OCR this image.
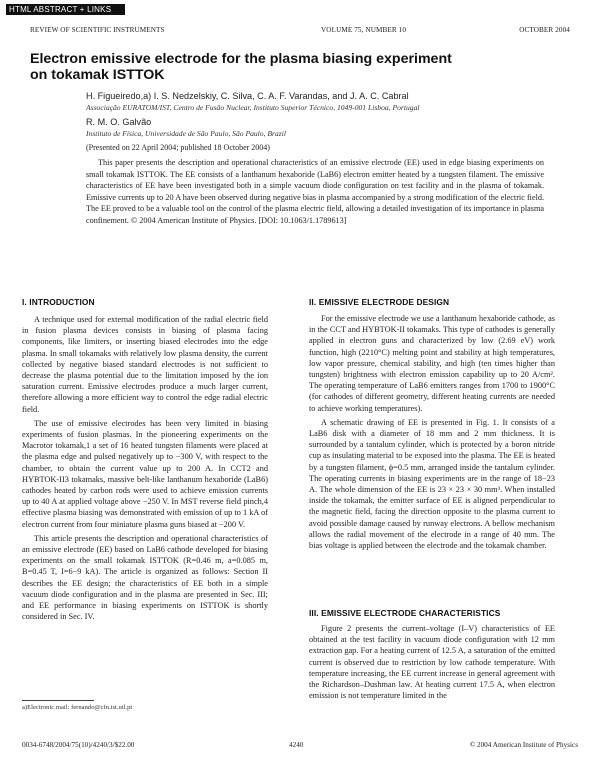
HTML ABSTRACT + LINKS
REVIEW OF SCIENTIFIC INSTRUMENTS	VOLUME 75, NUMBER 10	OCTOBER 2004
Electron emissive electrode for the plasma biasing experiment
on tokamak ISTTOK
H. Figueiredo,a) I. S. Nedzelskiy, C. Silva, C. A. F. Varandas, and J. A. C. Cabral
Associação EURATOM/IST, Centro de Fusão Nuclear, Instituto Superior Técnico, 1049-001 Lisboa, Portugal
R. M. O. Galvão
Instituto de Física, Universidade de São Paulo, São Paulo, Brazil
(Presented on 22 April 2004; published 18 October 2004)

This paper presents the description and operational characteristics of an emissive electrode (EE) used in edge biasing experiments on small tokamak ISTTOK. The EE consists of a lanthanum hexaboride (LaB6) electron emitter heated by a tungsten filament. The emissive characteristics of EE have been investigated both in a simple vacuum diode configuration on test facility and in the plasma of tokamak. Emissive currents up to 20 A have been observed during negative bias in plasma accompanied by a strong modification of the electric field. The EE proved to be a valuable tool on the control of the plasma electric field, allowing a detailed investigation of its importance in plasma confinement. © 2004 American Institute of Physics. [DOI: 10.1063/1.1789613]

I. INTRODUCTION

A technique used for external modification of the radial electric field in fusion plasma devices consists in biasing of plasma facing components, like limiters, or inserting biased electrodes into the edge plasma. In small tokamaks with relatively low plasma density, the current collected by negative biased standard electrodes is not sufficient to decrease the plasma potential due to the limitation imposed by the ion saturation current. Emissive electrodes produce a much larger current, therefore allowing a more efficient way to control the edge radial electric field.

The use of emissive electrodes has been very limited in biasing experiments of fusion plasmas. In the pioneering experiments on the Macrotor tokamak,1 a set of 16 heated tungsten filaments were placed at the plasma edge and pulsed negatively up to −300 V, with respect to the chamber, to obtain the current value up to 200 A. In CCT2 and HYBTOK-II3 tokamaks, massive belt-like lanthanum hexaboride (LaB6) cathodes heated by carbon rods were used to achieve emission currents up to 40 A at applied voltage above −250 V. In MST reverse field pinch,4 effective plasma biasing was demonstrated with emission of up to 1 kA of electron current from four miniature plasma guns biased at −200 V.

This article presents the description and operational characteristics of an emissive electrode (EE) based on LaB6 cathode developed for biasing experiments on the small tokamak ISTTOK (R=0.46 m, a=0.085 m, B=0.45 T, I=6−9 kA). The article is organized as follows: Section II describes the EE design; the characteristics of EE both in a simple vacuum diode configuration and in the plasma are presented in Sec. III; and EE performance in biasing experiments on ISTTOK is shortly considered in Sec. IV.

II. EMISSIVE ELECTRODE DESIGN

For the emissive electrode we use a lanthanum hexaboride cathode, as in the CCT and HYBTOK-II tokamaks. This type of cathodes is generally applied in electron guns and characterized by low (2.69 eV) work function, high (2210°C) melting point and stability at high temperatures, low vapor pressure, chemical stability, and high (ten times higher than tungsten) brightness with electron emission capability up to 20 A/cm². The operating temperature of LaB6 emitters ranges from 1700 to 1900°C (for cathodes of different geometry, different heating currents are needed to achieve working temperatures).

A schematic drawing of EE is presented in Fig. 1. It consists of a LaB6 disk with a diameter of 18 mm and 2 mm thickness. It is surrounded by a tantalum cylinder, which is protected by a boron nitride cup as insulating material to be exposed into the plasma. The EE is heated by a tungsten filament, ϕ=0.5 mm, arranged inside the tantalum cylinder. The operating currents in biasing experiments are in the range of 18−23 A. The whole dimension of the EE is 23 × 23 × 30 mm³. When installed inside the tokamak, the emitter surface of EE is aligned perpendicular to the magnetic field, facing the direction opposite to the plasma current to avoid possible damage caused by runway electrons. A bellow mechanism allows the radial movement of the electrode in a range of 40 mm. The bias voltage is applied between the electrode and the tokamak chamber.

III. EMISSIVE ELECTRODE CHARACTERISTICS

Figure 2 presents the current–voltage (I–V) characteristics of EE obtained at the test facility in vacuum diode configuration with 12 mm extraction gap. For a heating current of 12.5 A, a saturation of the emitted current is observed due to restriction by low cathode temperature. With temperature increasing, the EE current increase in general agreement with the Richardson–Dushman law. At heating current 17.5 A, when electron emission is not temperature limited in the

a)Electronic mail: fernando@cfn.ist.utl.pt
0034-6748/2004/75(10)/4240/3/$22.00	4240	© 2004 American Institute of Physics
